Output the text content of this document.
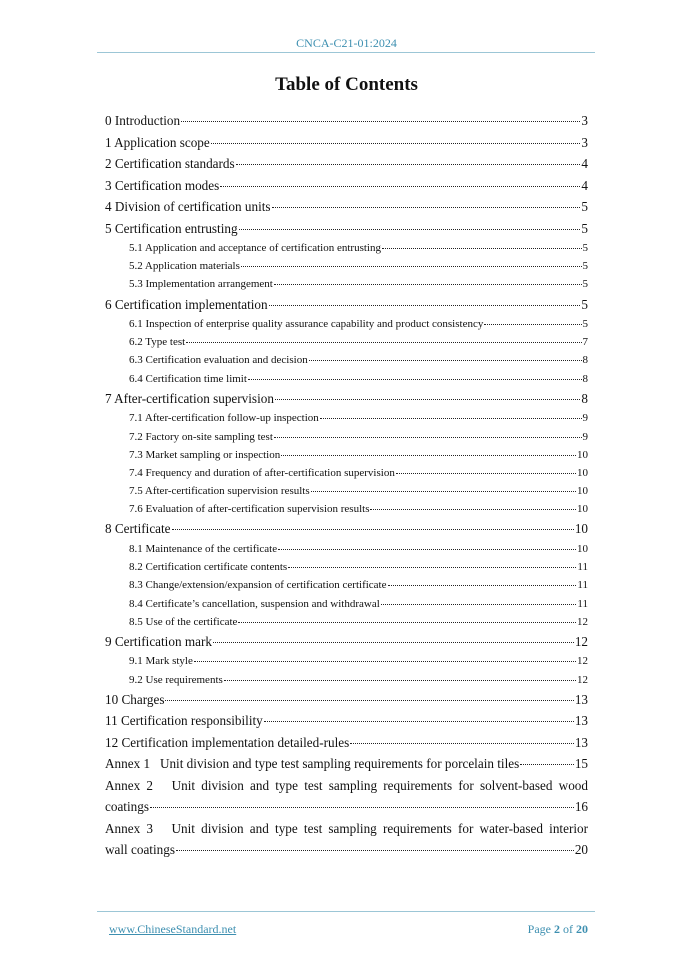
CNCA-C21-01:2024
Table of Contents
0 Introduction	3
1 Application scope	3
2 Certification standards	4
3 Certification modes	4
4 Division of certification units	5
5 Certification entrusting	5
5.1 Application and acceptance of certification entrusting	5
5.2 Application materials	5
5.3 Implementation arrangement	5
6 Certification implementation	5
6.1 Inspection of enterprise quality assurance capability and product consistency	5
6.2 Type test	7
6.3 Certification evaluation and decision	8
6.4 Certification time limit	8
7 After-certification supervision	8
7.1 After-certification follow-up inspection	9
7.2 Factory on-site sampling test	9
7.3 Market sampling or inspection	10
7.4 Frequency and duration of after-certification supervision	10
7.5 After-certification supervision results	10
7.6 Evaluation of after-certification supervision results	10
8 Certificate	10
8.1 Maintenance of the certificate	10
8.2 Certification certificate contents	11
8.3 Change/extension/expansion of certification certificate	11
8.4 Certificate’s cancellation, suspension and withdrawal	11
8.5 Use of the certificate	12
9 Certification mark	12
9.1 Mark style	12
9.2 Use requirements	12
10 Charges	13
11 Certification responsibility	13
12 Certification implementation detailed-rules	13
Annex 1   Unit division and type test sampling requirements for porcelain tiles	15
Annex 2   Unit division and type test sampling requirements for solvent-based wood
coatings	16
Annex 3   Unit division and type test sampling requirements for water-based interior
wall coatings	20
www.ChineseStandard.net	Page 2 of 20
